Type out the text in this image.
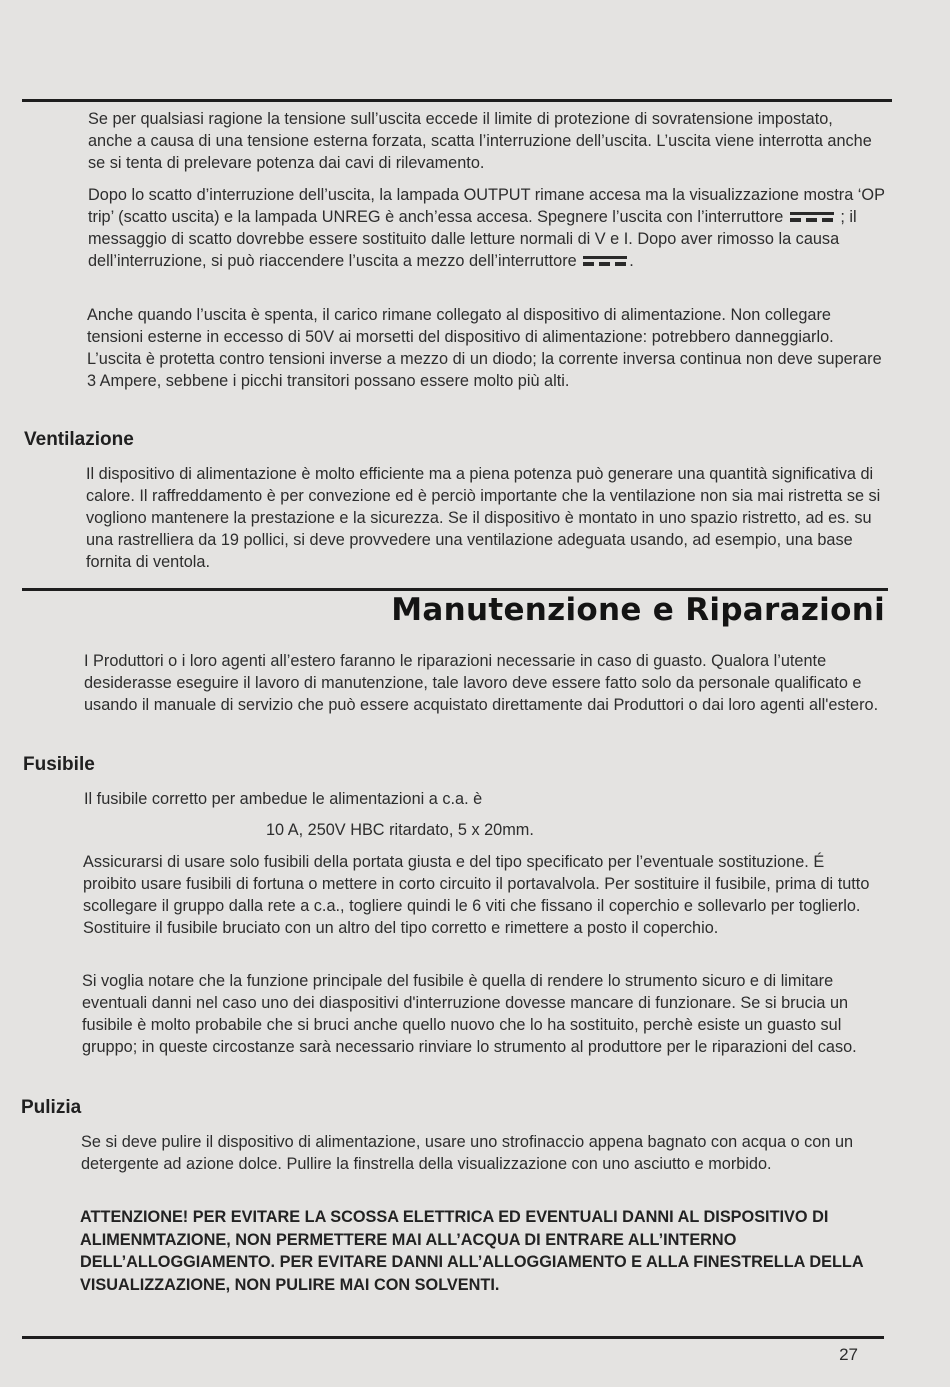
Se per qualsiasi ragione la tensione sull’uscita eccede il limite di protezione di sovratensione impostato, anche a causa di una tensione esterna forzata, scatta l’interruzione dell’uscita. L’uscita viene interrotta anche se si tenta di prelevare potenza dai cavi di rilevamento.

Dopo lo scatto d’interruzione dell’uscita, la lampada OUTPUT rimane accesa ma la visualizzazione mostra ‘OP trip’ (scatto uscita) e la lampada UNREG è anch’essa accesa. Spegnere l’uscita con l’interruttore	; il messaggio di scatto dovrebbe essere sostituito dalle letture normali di V e I. Dopo aver rimosso la causa dell’interruzione, si può riaccendere l’uscita a mezzo dell’interruttore	.

Anche quando l’uscita è spenta, il carico rimane collegato al dispositivo di alimentazione. Non collegare tensioni esterne in eccesso di 50V ai morsetti del dispositivo di alimentazione: potrebbero danneggiarlo. L’uscita è protetta contro tensioni inverse a mezzo di un diodo; la corrente inversa continua non deve superare 3 Ampere, sebbene i picchi transitori possano essere molto più alti.

Ventilazione

Il dispositivo di alimentazione è molto efficiente ma a piena potenza può generare una quantità significativa di calore. Il raffreddamento è per convezione ed è perciò importante che la ventilazione non sia mai ristretta se si vogliono mantenere la prestazione e la sicurezza. Se il dispositivo è montato in uno spazio ristretto, ad es. su una rastrelliera da 19 pollici, si deve provvedere una ventilazione adeguata usando, ad esempio, una base fornita di ventola.

Manutenzione e Riparazioni

I Produttori o i loro agenti all’estero faranno le riparazioni necessarie in caso di guasto. Qualora l’utente desiderasse eseguire il lavoro di manutenzione, tale lavoro deve essere fatto solo da personale qualificato e usando il manuale di servizio che può essere acquistato direttamente dai Produttori o dai loro agenti all'estero.

Fusibile

Il fusibile corretto per ambedue le alimentazioni a c.a. è

10 A, 250V HBC ritardato, 5 x 20mm.

Assicurarsi di usare solo fusibili della portata giusta e del tipo specificato per l’eventuale sostituzione. É proibito usare fusibili di fortuna o mettere in corto circuito il portavalvola. Per sostituire il fusibile, prima di tutto scollegare il gruppo dalla rete a c.a., togliere quindi le 6 viti che fissano il coperchio e sollevarlo per toglierlo. Sostituire il fusibile bruciato con un altro del tipo corretto e rimettere a posto il coperchio.

Si voglia notare che la funzione principale del fusibile è quella di rendere lo strumento sicuro e di limitare eventuali danni nel caso uno dei diaspositivi d'interruzione dovesse mancare di funzionare. Se si brucia un fusibile è molto probabile che si bruci anche quello nuovo che lo ha sostituito, perchè esiste un guasto sul gruppo; in queste circostanze sarà necessario rinviare lo strumento al produttore per le riparazioni del caso.

Pulizia

Se si deve pulire il dispositivo di alimentazione, usare uno strofinaccio appena bagnato con acqua o con un detergente ad azione dolce. Pullire la finstrella della visualizzazione con uno asciutto e morbido.

ATTENZIONE! PER EVITARE LA SCOSSA ELETTRICA ED EVENTUALI DANNI AL DISPOSITIVO DI ALIMENMTAZIONE, NON PERMETTERE MAI ALL’ACQUA DI ENTRARE ALL’INTERNO DELL’ALLOGGIAMENTO. PER EVITARE DANNI ALL’ALLOGGIAMENTO E ALLA FINESTRELLA DELLA VISUALIZZAZIONE, NON PULIRE MAI CON SOLVENTI.

27
